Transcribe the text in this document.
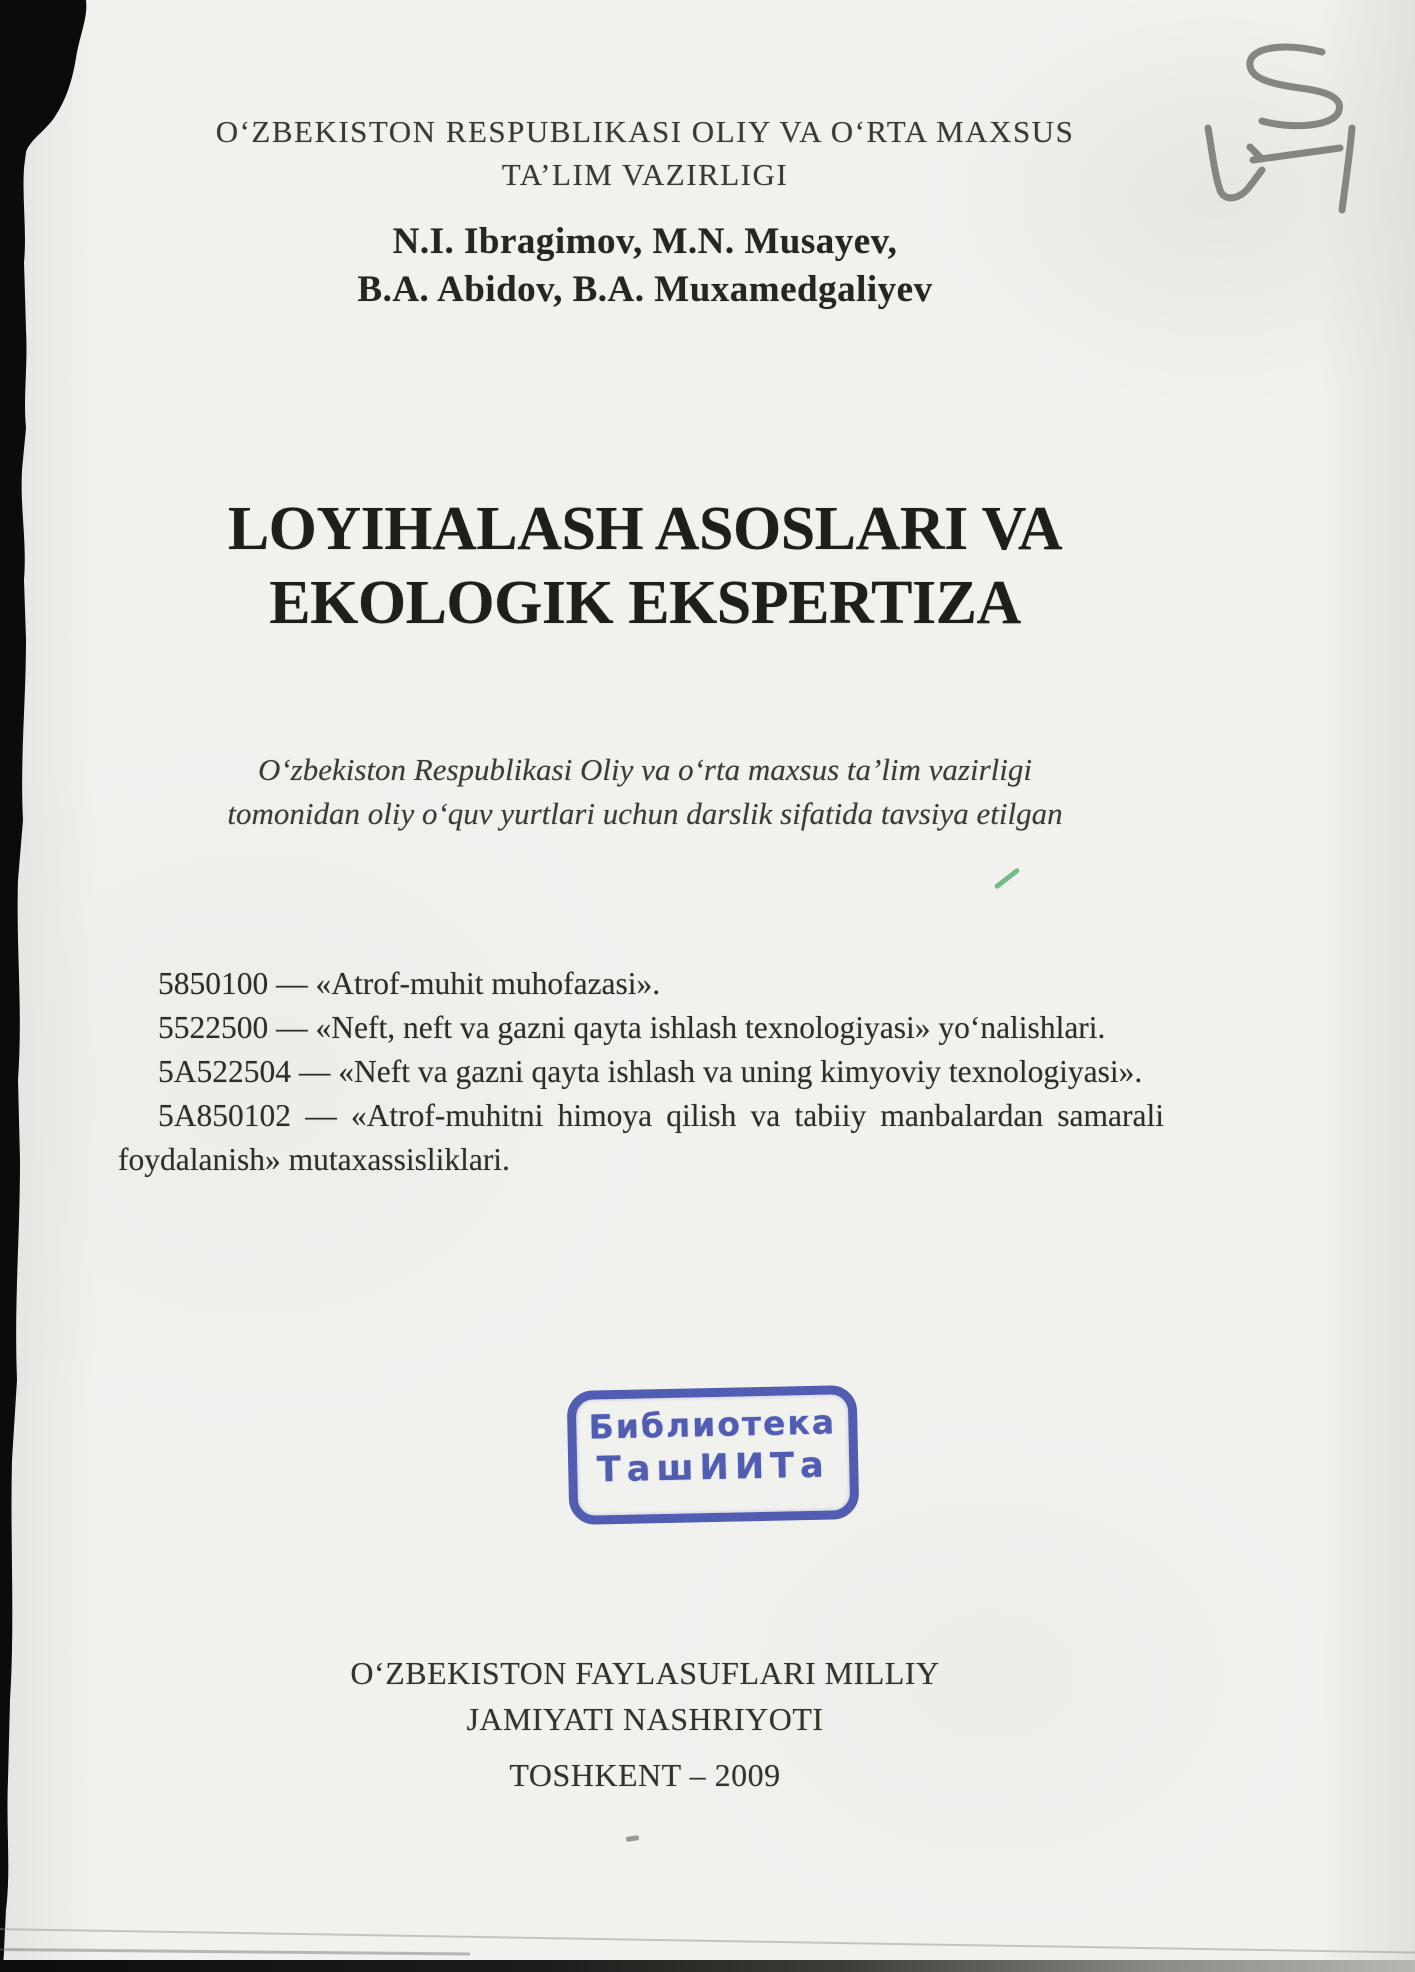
O‘ZBEKISTON RESPUBLIKASI OLIY VA O‘RTA MAXSUS
TA’LIM VAZIRLIGI
N.I. Ibragimov, M.N. Musayev,
B.A. Abidov, B.A. Muxamedgaliyev
LOYIHALASH ASOSLARI VA
EKOLOGIK EKSPERTIZA
O‘zbekiston Respublikasi Oliy va o‘rta maxsus ta’lim vazirligi
tomonidan oliy o‘quv yurtlari uchun darslik sifatida tavsiya etilgan

5850100 — «Atrof-muhit muhofazasi».

5522500 — «Neft, neft va gazni qayta ishlash texnologiyasi» yo‘nalishlari.

5A522504 — «Neft va gazni qayta ishlash va uning kimyoviy texnologiyasi».

5A850102 — «Atrof-muhitni himoya qilish va tabiiy manbalardan samarali foydalanish» mutaxassisliklari.

Библиотека
ТашИИТа
O‘ZBEKISTON FAYLASUFLARI MILLIY
JAMIYATI NASHRIYOTI
TOSHKENT – 2009
